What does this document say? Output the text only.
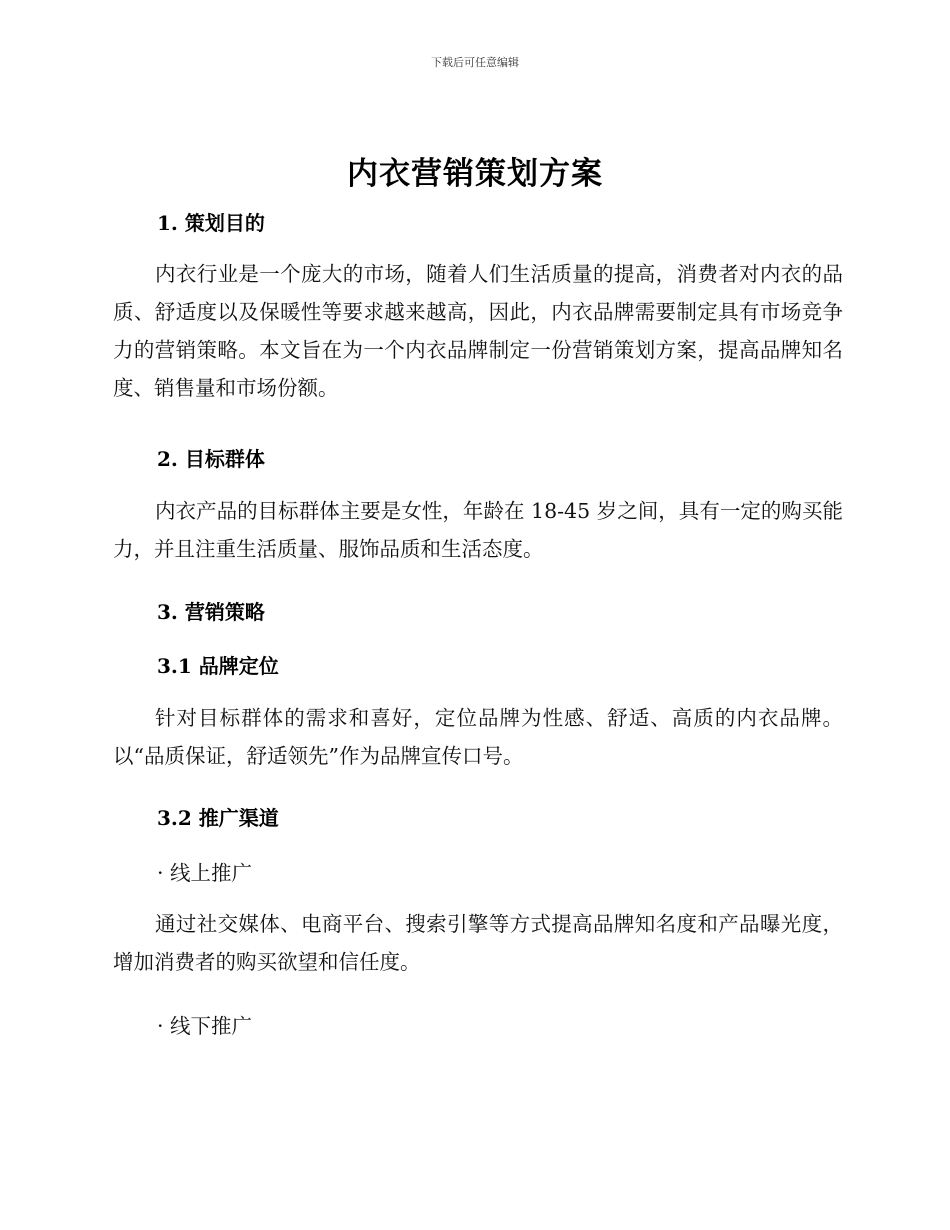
下载后可任意编辑
内衣营销策划方案
1. 策划目的
内衣行业是一个庞大的市场，随着人们生活质量的提高，消费者对内衣的品质、舒适度以及保暖性等要求越来越高，因此，内衣品牌需要制定具有市场竞争力的营销策略。本文旨在为一个内衣品牌制定一份营销策划方案，提高品牌知名度、销售量和市场份额。
2. 目标群体
内衣产品的目标群体主要是女性，年龄在 18-45 岁之间，具有一定的购买能力，并且注重生活质量、服饰品质和生活态度。
3. 营销策略
3.1 品牌定位
针对目标群体的需求和喜好，定位品牌为性感、舒适、高质的内衣品牌。以“品质保证，舒适领先”作为品牌宣传口号。
3.2 推广渠道
· 线上推广
通过社交媒体、电商平台、搜索引擎等方式提高品牌知名度和产品曝光度，增加消费者的购买欲望和信任度。
· 线下推广
